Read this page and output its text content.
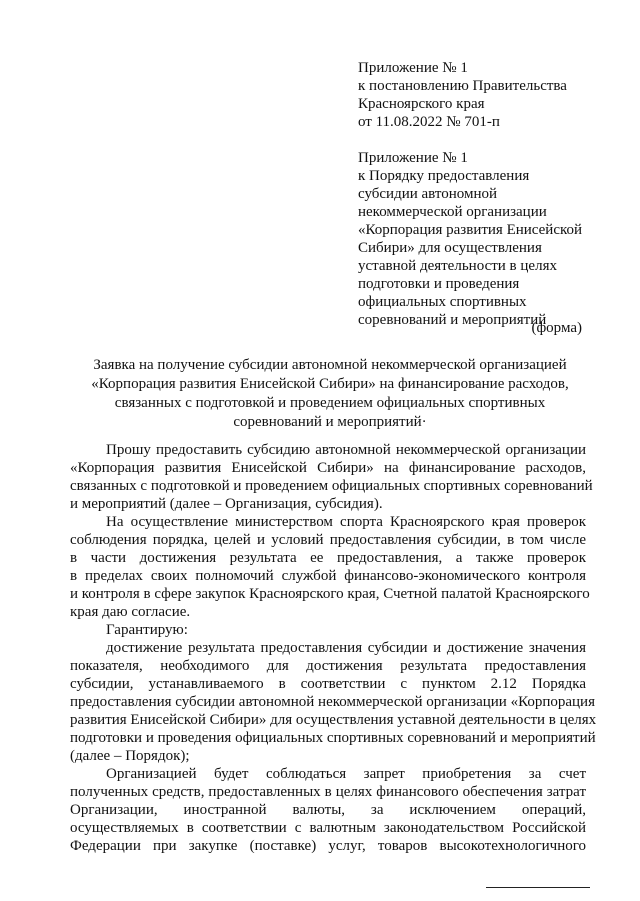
Приложение № 1
к постановлению Правительства
Красноярского края
от 11.08.2022 № 701-п
Приложение № 1
к Порядку предоставления
субсидии автономной
некоммерческой организации
«Корпорация развития Енисейской
Сибири» для осуществления
уставной деятельности в целях
подготовки и проведения
официальных спортивных
соревнований и мероприятий
(форма)
Заявка на получение субсидии автономной некоммерческой организацией
«Корпорация развития Енисейской Сибири» на финансирование расходов,
связанных с подготовкой и проведением официальных спортивных
соревнований и мероприятий·
Прошу предоставить субсидию автономной некоммерческой организации
«Корпорация развития Енисейской Сибири» на финансирование расходов,
связанных с подготовкой и проведением официальных спортивных соревнований
и мероприятий (далее – Организация, субсидия).
На осуществление министерством спорта Красноярского края проверок
соблюдения порядка, целей и условий предоставления субсидии, в том числе
в части достижения результата ее предоставления, а также проверок
в пределах своих полномочий службой финансово-экономического контроля
и контроля в сфере закупок Красноярского края, Счетной палатой Красноярского
края даю согласие.
Гарантирую:
достижение результата предоставления субсидии и достижение значения
показателя, необходимого для достижения результата предоставления
субсидии, устанавливаемого в соответствии с пунктом 2.12 Порядка
предоставления субсидии автономной некоммерческой организации «Корпорация
развития Енисейской Сибири» для осуществления уставной деятельности в целях
подготовки и проведения официальных спортивных соревнований и мероприятий
(далее – Порядок);
Организацией будет соблюдаться запрет приобретения за счет
полученных средств, предоставленных в целях финансового обеспечения затрат
Организации, иностранной валюты, за исключением операций,
осуществляемых в соответствии с валютным законодательством Российской
Федерации при закупке (поставке) услуг, товаров высокотехнологичного
